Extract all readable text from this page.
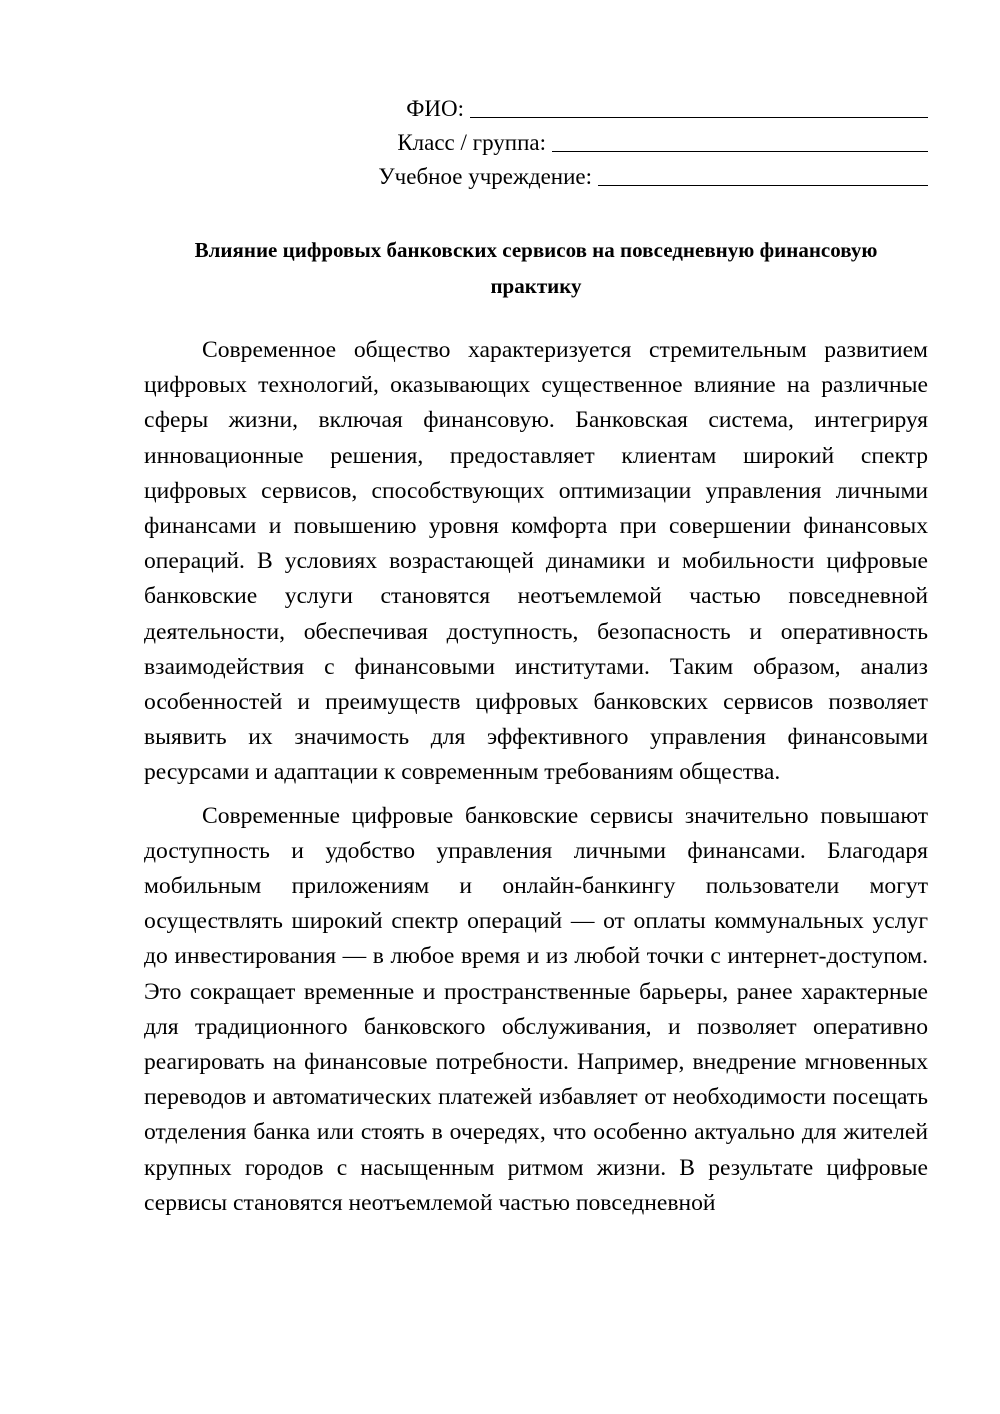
ФИО:
Класс / группа:
Учебное учреждение:
Влияние цифровых банковских сервисов на повседневную финансовую
практику

Современное общество характеризуется стремительным развитием цифровых технологий, оказывающих существенное влияние на различные сферы жизни, включая финансовую. Банковская система, интегрируя инновационные решения, предоставляет клиентам широкий спектр цифровых сервисов, способствующих оптимизации управления личными финансами и повышению уровня комфорта при совершении финансовых операций. В условиях возрастающей динамики и мобильности цифровые банковские услуги становятся неотъемлемой частью повседневной деятельности, обеспечивая доступность, безопасность и оперативность взаимодействия с финансовыми институтами. Таким образом, анализ особенностей и преимуществ цифровых банковских сервисов позволяет выявить их значимость для эффективного управления финансовыми ресурсами и адаптации к современным требованиям общества.

Современные цифровые банковские сервисы значительно повышают доступность и удобство управления личными финансами. Благодаря мобильным приложениям и онлайн-банкингу пользователи могут осуществлять широкий спектр операций — от оплаты коммунальных услуг до инвестирования — в любое время и из любой точки с интернет-доступом. Это сокращает временные и пространственные барьеры, ранее характерные для традиционного банковского обслуживания, и позволяет оперативно реагировать на финансовые потребности. Например, внедрение мгновенных переводов и автоматических платежей избавляет от необходимости посещать отделения банка или стоять в очередях, что особенно актуально для жителей крупных городов с насыщенным ритмом жизни. В результате цифровые сервисы становятся неотъемлемой частью повседневной
